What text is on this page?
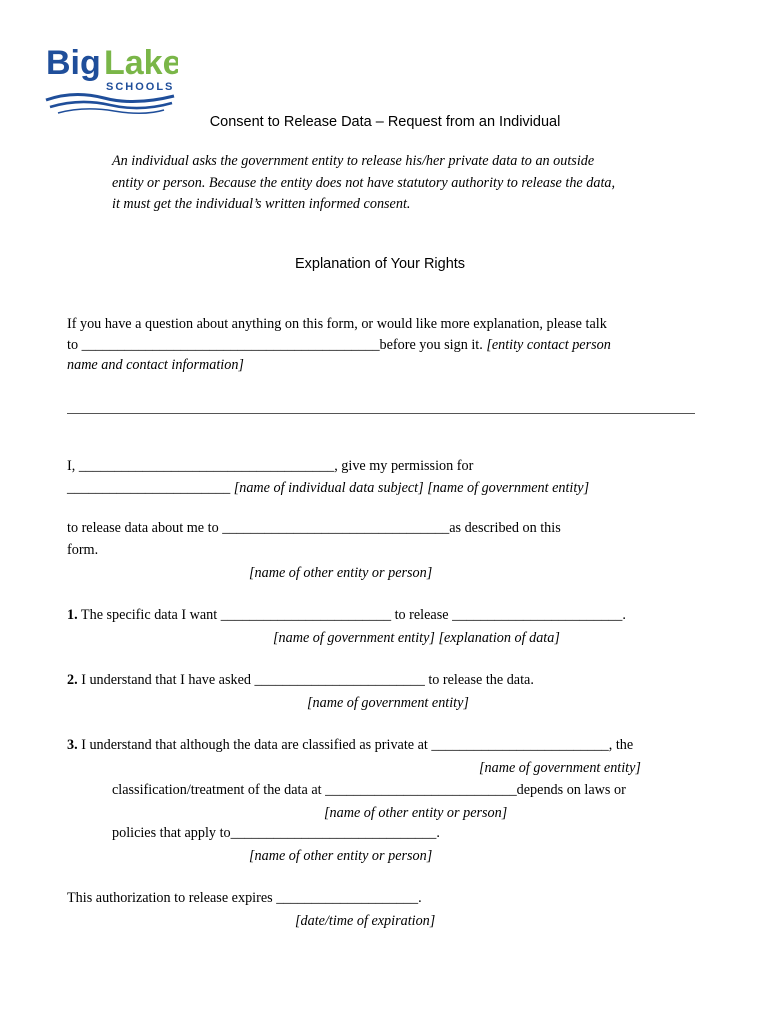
Big Lake
SCHOOLS
Consent to Release Data – Request from an Individual
An individual asks the government entity to release his/her private data to an outside
entity or person. Because the entity does not have statutory authority to release the data,
it must get the individual’s written informed consent.
Explanation of Your Rights
If you have a question about anything on this form, or would like more explanation, please talk
to __________________________________________before you sign it. [entity contact person
name and contact information]
I, ____________________________________, give my permission for
_______________________ [name of individual data subject] [name of government entity]
to release data about me to ________________________________as described on this
form.
[name of other entity or person]
1. The specific data I want ________________________ to release ________________________.
[name of government entity] [explanation of data]
2. I understand that I have asked ________________________ to release the data.
[name of government entity]
3. I understand that although the data are classified as private at _________________________, the
[name of government entity]
classification/treatment of the data at ___________________________depends on laws or
[name of other entity or person]
policies that apply to_____________________________.
[name of other entity or person]
This authorization to release expires ____________________.
[date/time of expiration]
